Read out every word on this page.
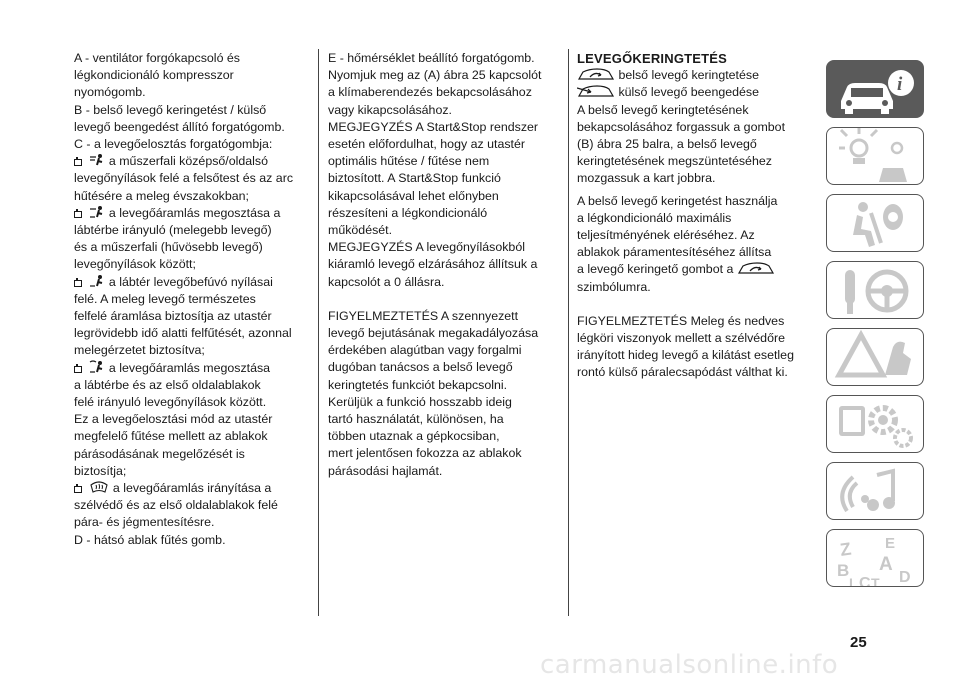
A - ventilátor forgókapcsoló és

légkondicionáló kompresszor

nyomógomb.

B - belső levegő keringetést / külső

levegő beengedést állító forgatógomb.

C - a levegőelosztás forgatógombja:

a műszerfali középső/oldalsó

levegőnyílások felé a felsőtest és az arc

hűtésére a meleg évszakokban;

a levegőáramlás megosztása a

lábtérbe irányuló (melegebb levegő)

és a műszerfali (hűvösebb levegő)

levegőnyílások között;

a lábtér levegőbefúvó nyílásai

felé. A meleg levegő természetes

felfelé áramlása biztosítja az utastér

legrövidebb idő alatti felfűtését, azonnal

melegérzetet biztosítva;

a levegőáramlás megosztása

a lábtérbe és az első oldalablakok

felé irányuló levegőnyílások között.

Ez a levegőelosztási mód az utastér

megfelelő fűtése mellett az ablakok

párásodásának megelőzését is

biztosítja;

a levegőáramlás irányítása a

szélvédő és az első oldalablakok felé

pára- és jégmentesítésre.

D - hátsó ablak fűtés gomb.

E - hőmérséklet beállító forgatógomb.

Nyomjuk meg az (A) ábra 25 kapcsolót

a klímaberendezés bekapcsolásához

vagy kikapcsolásához.

MEGJEGYZÉS A Start&Stop rendszer

esetén előfordulhat, hogy az utastér

optimális hűtése / fűtése nem

biztosított. A Start&Stop funkció

kikapcsolásával lehet előnyben

részesíteni a légkondicionáló

működését.

MEGJEGYZÉS A levegőnyílásokból

kiáramló levegő elzárásához állítsuk a

kapcsolót a 0 állásra.

FIGYELMEZTETÉS A szennyezett

levegő bejutásának megakadályozása

érdekében alagútban vagy forgalmi

dugóban tanácsos a belső levegő

keringtetés funkciót bekapcsolni.

Kerüljük a funkció hosszabb ideig

tartó használatát, különösen, ha

többen utaznak a gépkocsiban,

mert jelentősen fokozza az ablakok

párásodási hajlamát.

LEVEGŐKERINGTETÉS

belső levegő keringtetése

külső levegő beengedése

A belső levegő keringtetésének

bekapcsolásához forgassuk a gombot

(B) ábra 25 balra, a belső levegő

keringtetésének megszüntetéséhez

mozgassuk a kart jobbra.

A belső levegő keringetést használja

a légkondicionáló maximális

teljesítményének eléréséhez. Az

ablakok páramentesítéséhez állítsa

a levegő keringető gombot a

szimbólumra.

FIGYELMEZTETÉS Meleg és nedves

légköri viszonyok mellett a szélvédőre

irányított hideg levegő a kilátást esetleg

rontó külső páralecsapódást válthat ki.

i
Z E
B A
C D
I T
25
carmanualsonline.info
